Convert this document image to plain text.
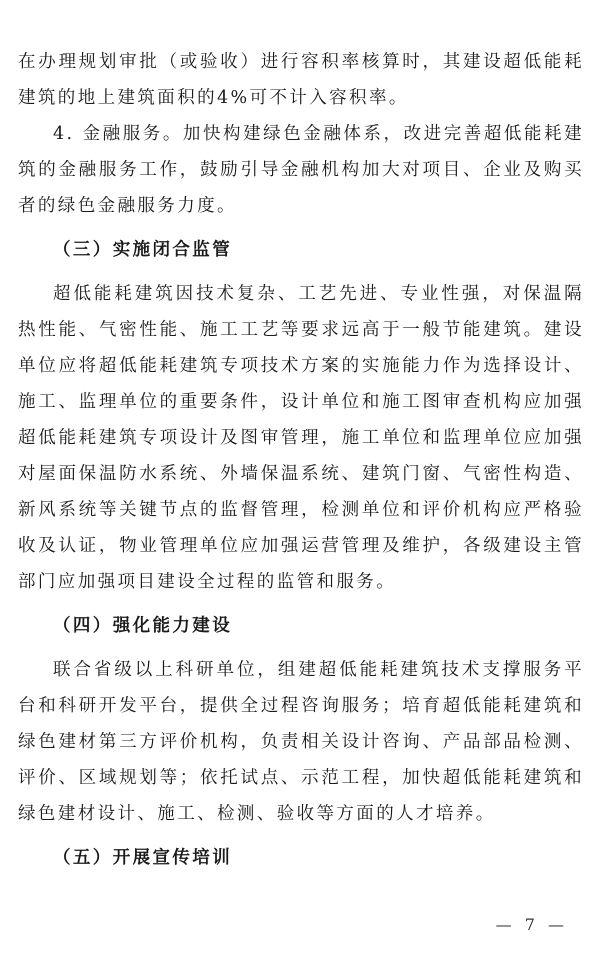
在办理规划审批（或验收）进行容积率核算时，其建设超低能耗建筑的地上建筑面积的4%可不计入容积率。

4. 金融服务。加快构建绿色金融体系，改进完善超低能耗建筑的金融服务工作，鼓励引导金融机构加大对项目、企业及购买者的绿色金融服务力度。

（三）实施闭合监管

超低能耗建筑因技术复杂、工艺先进、专业性强，对保温隔热性能、气密性能、施工工艺等要求远高于一般节能建筑。建设单位应将超低能耗建筑专项技术方案的实施能力作为选择设计、施工、监理单位的重要条件，设计单位和施工图审查机构应加强超低能耗建筑专项设计及图审管理，施工单位和监理单位应加强对屋面保温防水系统、外墙保温系统、建筑门窗、气密性构造、新风系统等关键节点的监督管理，检测单位和评价机构应严格验收及认证，物业管理单位应加强运营管理及维护，各级建设主管部门应加强项目建设全过程的监管和服务。

（四）强化能力建设

联合省级以上科研单位，组建超低能耗建筑技术支撑服务平台和科研开发平台，提供全过程咨询服务；培育超低能耗建筑和绿色建材第三方评价机构，负责相关设计咨询、产品部品检测、评价、区域规划等；依托试点、示范工程，加快超低能耗建筑和绿色建材设计、施工、检测、验收等方面的人才培养。

（五）开展宣传培训
— 7 —
